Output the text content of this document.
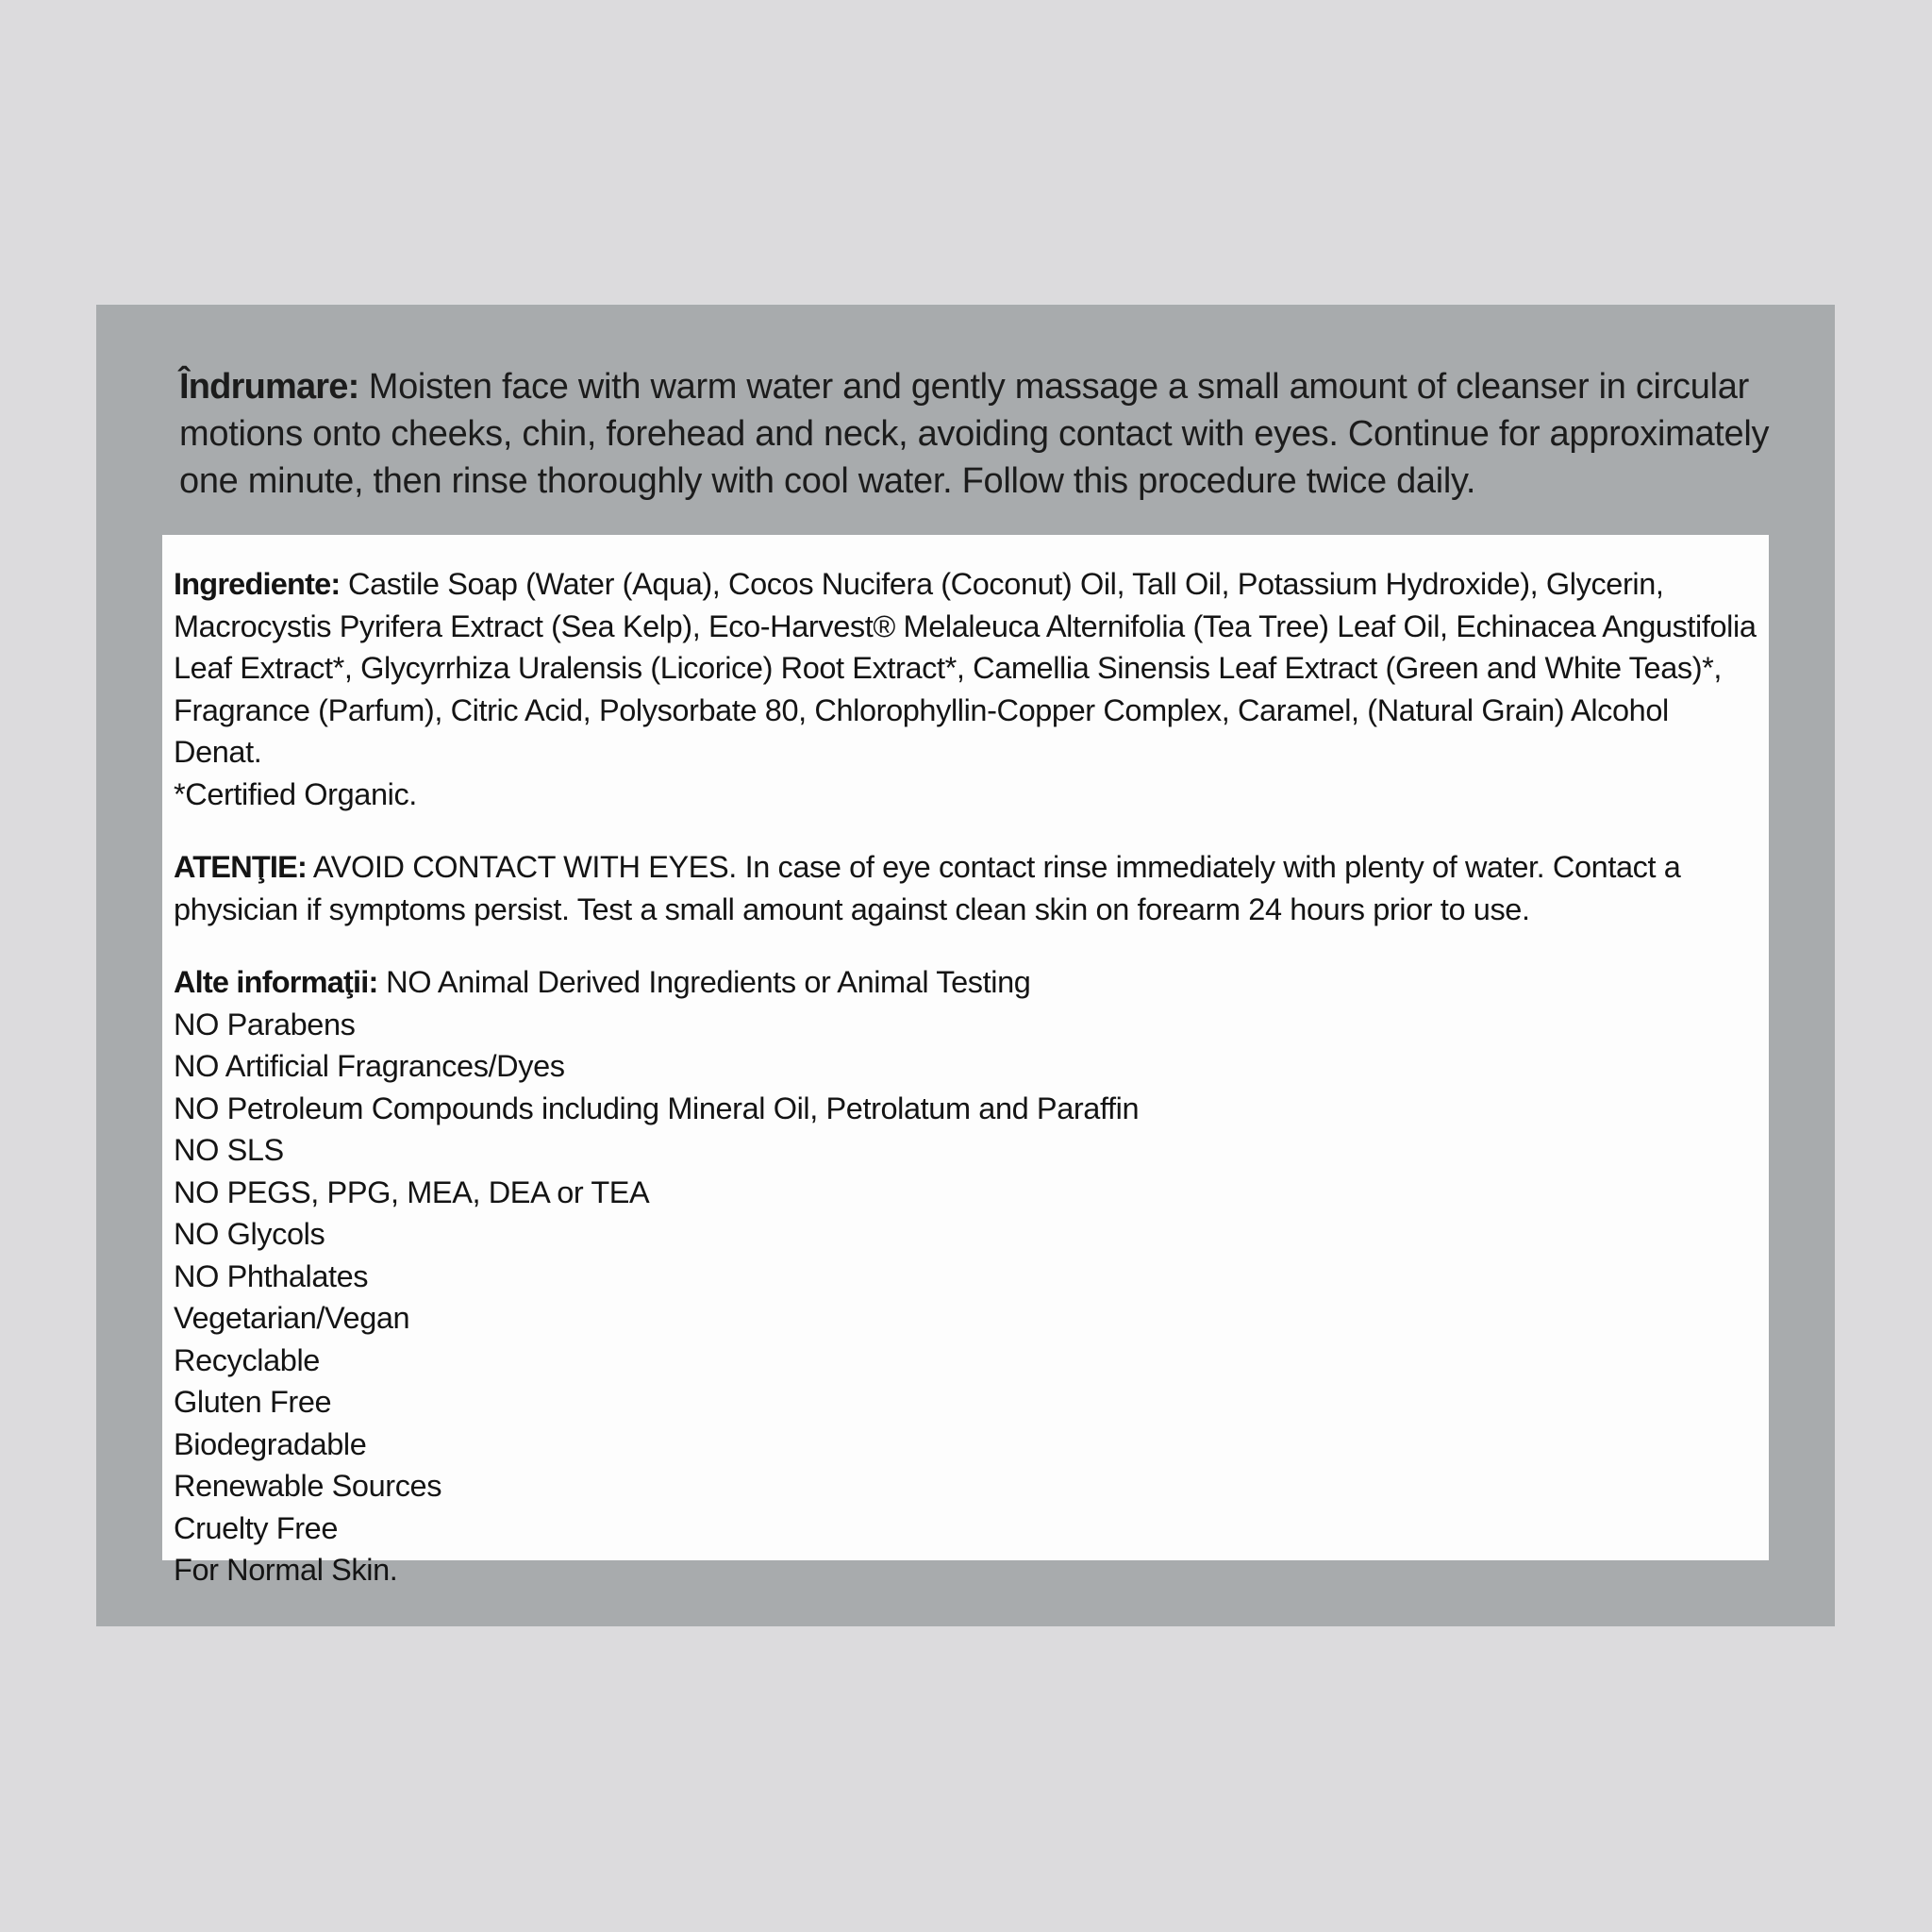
Îndrumare: Moisten face with warm water and gently massage a small amount of cleanser in circular motions onto cheeks, chin, forehead and neck, avoiding contact with eyes. Continue for approximately one minute, then rinse thoroughly with cool water. Follow this procedure twice daily.
Ingrediente: Castile Soap (Water (Aqua), Cocos Nucifera (Coconut) Oil, Tall Oil, Potassium Hydroxide), Glycerin, Macrocystis Pyrifera Extract (Sea Kelp), Eco-Harvest® Melaleuca Alternifolia (Tea Tree) Leaf Oil, Echinacea Angustifolia Leaf Extract*, Glycyrrhiza Uralensis (Licorice) Root Extract*, Camellia Sinensis Leaf Extract (Green and White Teas)*, Fragrance (Parfum), Citric Acid, Polysorbate 80, Chlorophyllin-Copper Complex, Caramel, (Natural Grain) Alcohol Denat.
*Certified Organic.
ATENŢIE: AVOID CONTACT WITH EYES. In case of eye contact rinse immediately with plenty of water. Contact a physician if symptoms persist. Test a small amount against clean skin on forearm 24 hours prior to use.
Alte informaţii: NO Animal Derived Ingredients or Animal Testing
NO Parabens
NO Artificial Fragrances/Dyes
NO Petroleum Compounds including Mineral Oil, Petrolatum and Paraffin
NO SLS
NO PEGS, PPG, MEA, DEA or TEA
NO Glycols
NO Phthalates
Vegetarian/Vegan
Recyclable
Gluten Free
Biodegradable
Renewable Sources
Cruelty Free
For Normal Skin.
